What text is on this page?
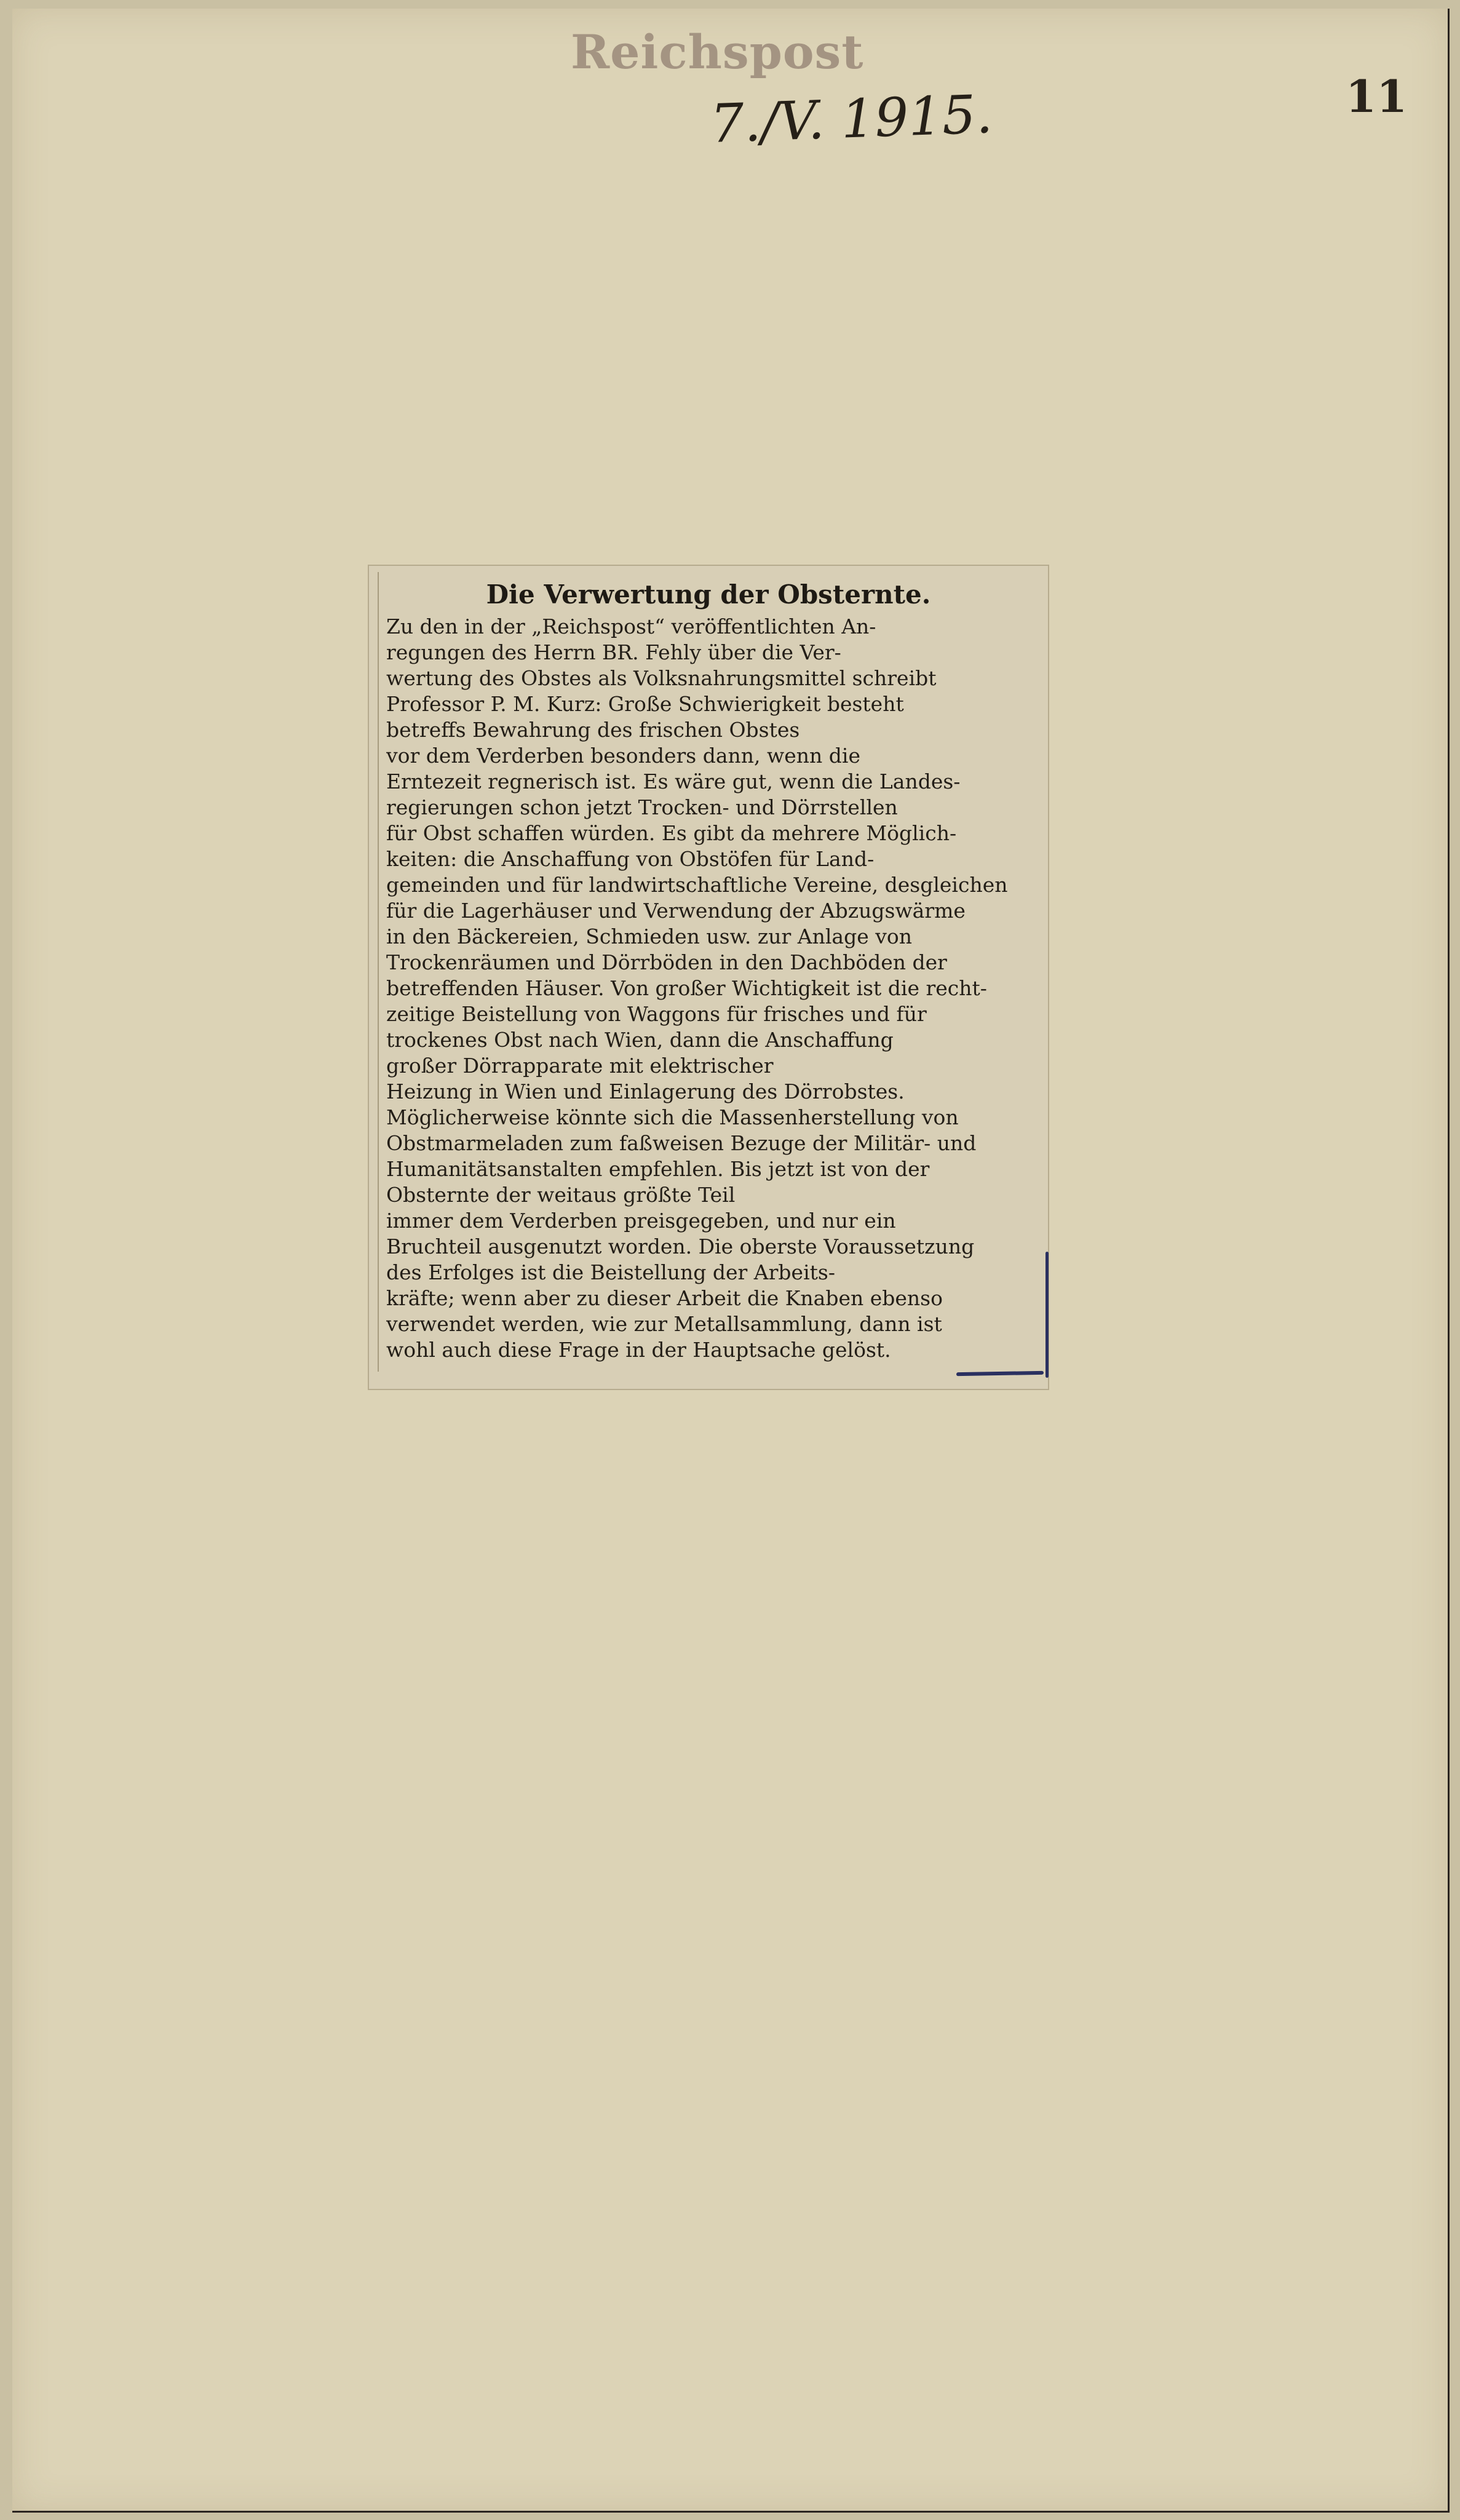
Reichspost
7./V. 1915.	11
Die Verwertung der Obsternte.
Zu den in der „Reichspost“ veröffentlichten An-
regungen des Herrn BR. Fehly über die Ver-
wertung des Obstes als Volksnahrungsmittel schreibt
Professor P. M. Kurz: Große Schwierigkeit besteht
betreffs Bewahrung des frischen Obstes
vor dem Verderben besonders dann, wenn die
Erntezeit regnerisch ist. Es wäre gut, wenn die Landes-
regierungen schon jetzt Trocken- und Dörrstellen
für Obst schaffen würden. Es gibt da mehrere Möglich-
keiten: die Anschaffung von Obstöfen für Land-
gemeinden und für landwirtschaftliche Vereine, desgleichen
für die Lagerhäuser und Verwendung der Abzugswärme
in den Bäckereien, Schmieden usw. zur Anlage von
Trockenräumen und Dörrböden in den Dachböden der
betreffenden Häuser. Von großer Wichtigkeit ist die recht-
zeitige Beistellung von Waggons für frisches und für
trockenes Obst nach Wien, dann die Anschaffung
großer Dörrapparate mit elektrischer
Heizung in Wien und Einlagerung des Dörrobstes.
Möglicherweise könnte sich die Massenherstellung von
Obstmarmeladen zum faßweisen Bezuge der Militär- und
Humanitätsanstalten empfehlen. Bis jetzt ist von der
Obsternte der weitaus größte Teil
immer dem Verderben preisgegeben, und nur ein
Bruchteil ausgenutzt worden. Die oberste Voraussetzung
des Erfolges ist die Beistellung der Arbeits-
kräfte; wenn aber zu dieser Arbeit die Knaben ebenso
verwendet werden, wie zur Metallsammlung, dann ist
wohl auch diese Frage in der Hauptsache gelöst.
